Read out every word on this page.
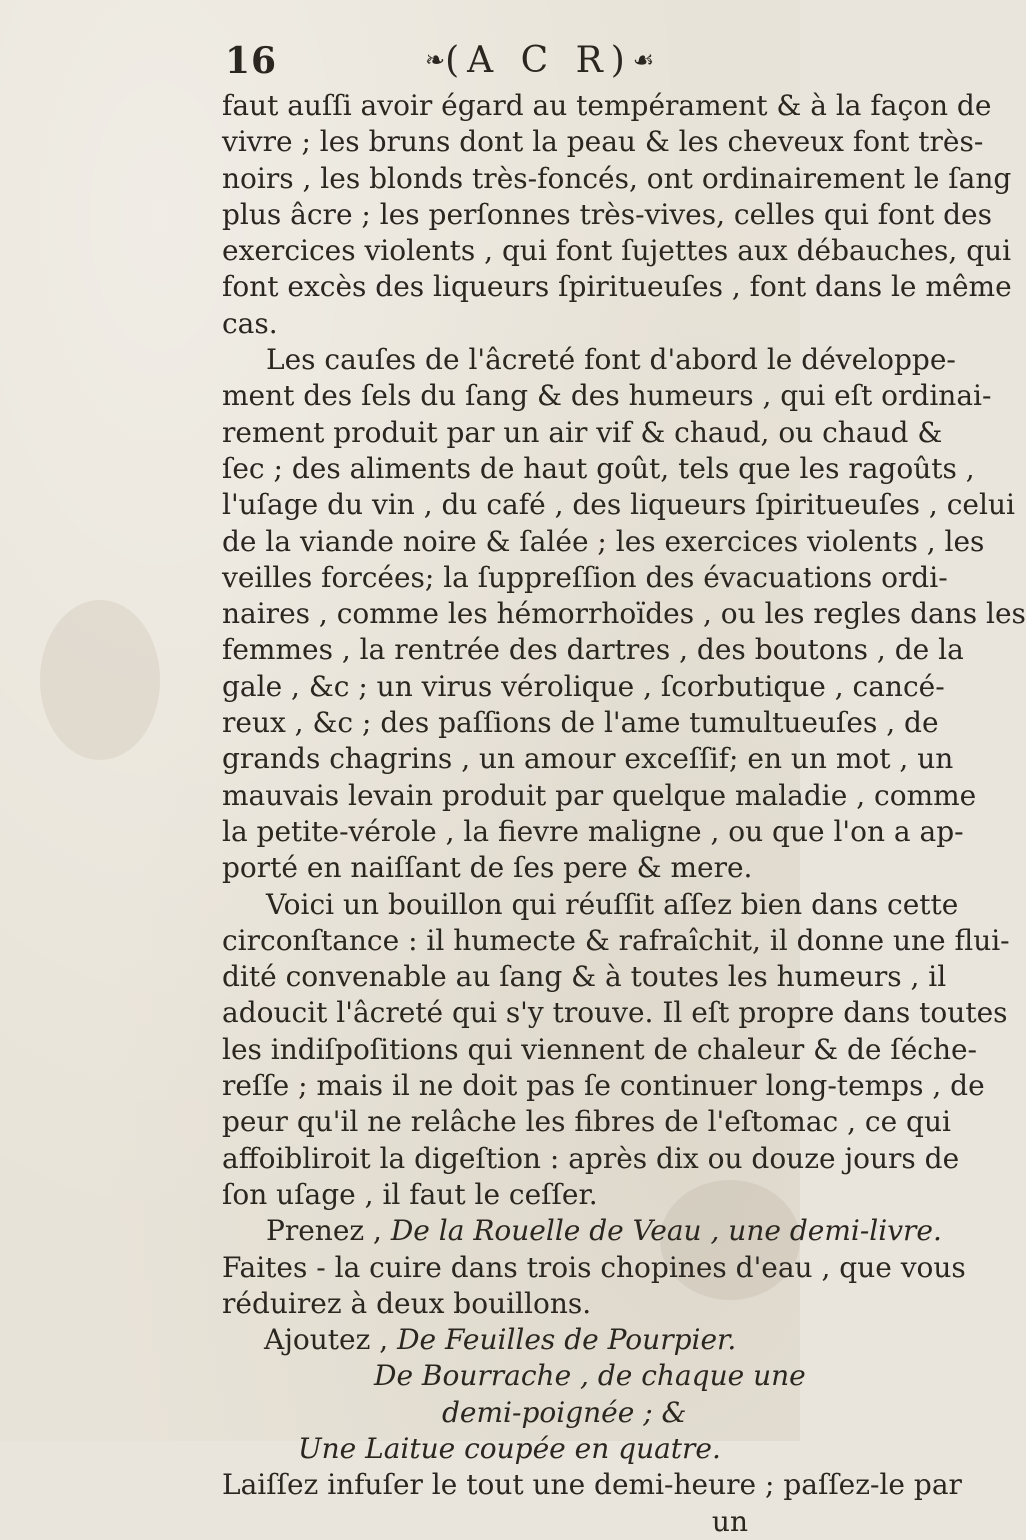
16	❧(A C R)☙
faut auſſi avoir égard au tempérament & à la façon de
vivre ; les bruns dont la peau & les cheveux font très-
noirs , les blonds très-foncés, ont ordinairement le ſang
plus âcre ; les perſonnes très-vives, celles qui font des
exercices violents , qui font ſujettes aux débauches, qui
font excès des liqueurs ſpiritueuſes , font dans le même
cas.
Les cauſes de l'âcreté font d'abord le développe-
ment des ſels du ſang & des humeurs , qui eſt ordinai-
rement produit par un air vif & chaud, ou chaud &
ſec ; des aliments de haut goût, tels que les ragoûts ,
l'uſage du vin , du café , des liqueurs ſpiritueuſes , celui
de la viande noire & ſalée ; les exercices violents , les
veilles forcées; la ſuppreſſion des évacuations ordi-
naires , comme les hémorrhoïdes , ou les regles dans les
femmes , la rentrée des dartres , des boutons , de la
gale , &c ; un virus vérolique , ſcorbutique , cancé-
reux , &c ; des paſſions de l'ame tumultueuſes , de
grands chagrins , un amour exceſſif; en un mot , un
mauvais levain produit par quelque maladie , comme
la petite-vérole , la fievre maligne , ou que l'on a ap-
porté en naiſſant de ſes pere & mere.
Voici un bouillon qui réuſſit aſſez bien dans cette
circonſtance : il humecte & rafraîchit, il donne une flui-
dité convenable au ſang & à toutes les humeurs , il
adoucit l'âcreté qui s'y trouve. Il eſt propre dans toutes
les indiſpoſitions qui viennent de chaleur & de ſéche-
reſſe ; mais il ne doit pas ſe continuer long-temps , de
peur qu'il ne relâche les fibres de l'eſtomac , ce qui
affoibliroit la digeſtion : après dix ou douze jours de
ſon uſage , il faut le ceſſer.
Prenez , De la Rouelle de Veau , une demi-livre.
Faites - la cuire dans trois chopines d'eau , que vous
réduirez à deux bouillons.
Ajoutez , De Feuilles de Pourpier.
De Bourrache , de chaque une
demi-poignée ; &
Une Laitue coupée en quatre.
Laiſſez infuſer le tout une demi-heure ; paſſez-le par
un
